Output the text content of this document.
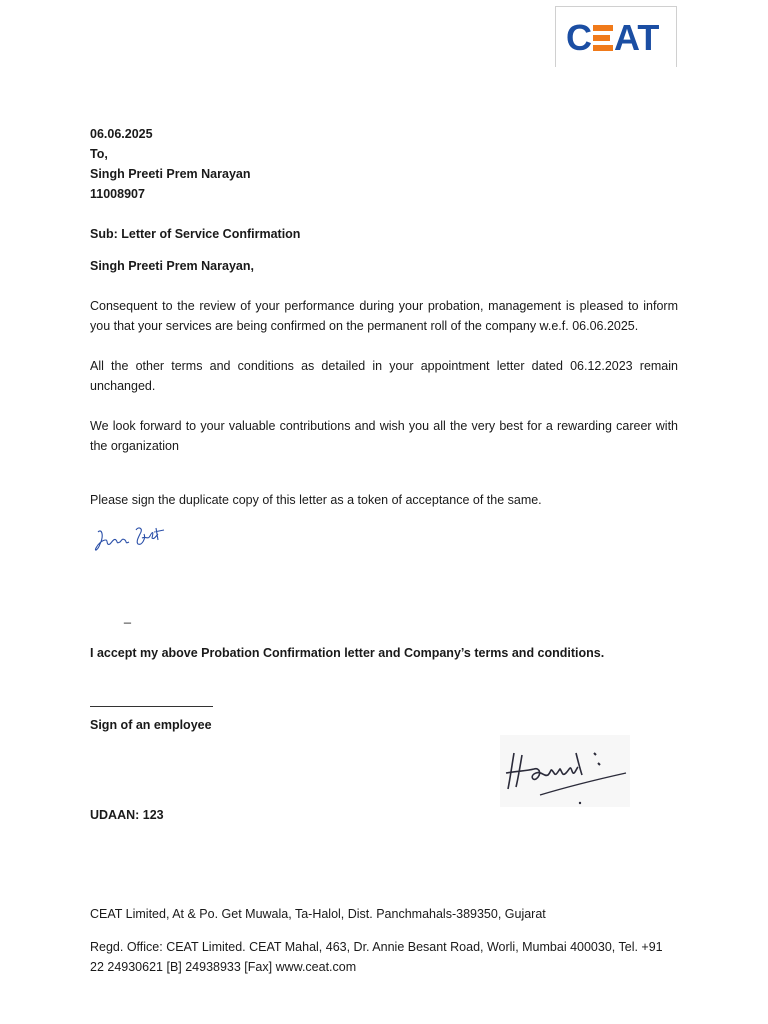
C AT
06.06.2025
To,
Singh Preeti Prem Narayan
11008907
Sub: Letter of Service Confirmation
Singh Preeti Prem Narayan,
Consequent to the review of your performance during your probation, management is pleased to inform you that your services are being confirmed on the permanent roll of the company w.e.f. 06.06.2025.
All the other terms and conditions as detailed in your appointment letter dated 06.12.2023 remain unchanged.
We look forward to your valuable contributions and wish you all the very best for a rewarding career with the organization
Please sign the duplicate copy of this letter as a token of acceptance of the same.
_
I accept my above Probation Confirmation letter and Company’s terms and conditions.
Sign of an employee
UDAAN: 123
CEAT Limited, At & Po. Get Muwala, Ta-Halol, Dist. Panchmahals-389350, Gujarat
Regd. Office: CEAT Limited. CEAT Mahal, 463, Dr. Annie Besant Road, Worli, Mumbai 400030, Tel. +91 22 24930621 [B] 24938933 [Fax] www.ceat.com
